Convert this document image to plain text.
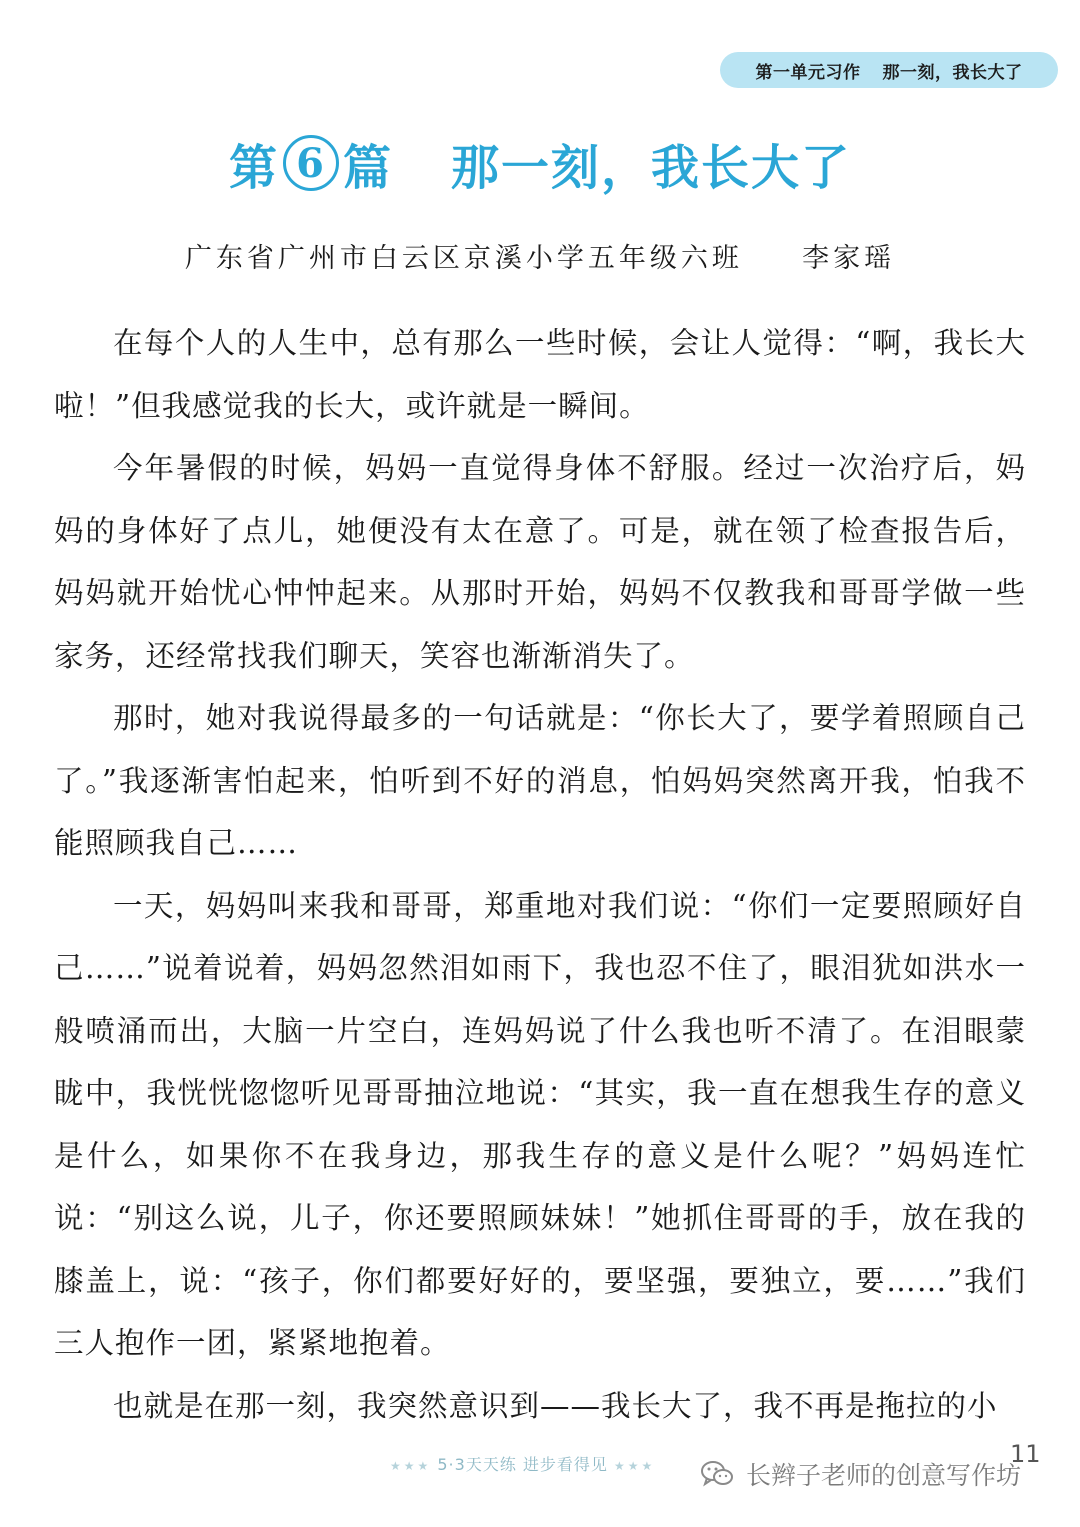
第一单元习作 那一刻，我长大了
第 6 篇 那一刻，我长大了
广东省广州市白云区京溪小学五年级六班 李家瑶

在每个人的人生中，总有那么一些时候，会让人觉得：“啊，我长大啦！”但我感觉我的长大，或许就是一瞬间。

今年暑假的时候，妈妈一直觉得身体不舒服。经过一次治疗后，妈妈的身体好了点儿，她便没有太在意了。可是，就在领了检查报告后，妈妈就开始忧心忡忡起来。从那时开始，妈妈不仅教我和哥哥学做一些家务，还经常找我们聊天，笑容也渐渐消失了。

那时，她对我说得最多的一句话就是：“你长大了，要学着照顾自己了。”我逐渐害怕起来，怕听到不好的消息，怕妈妈突然离开我，怕我不能照顾我自己……

一天，妈妈叫来我和哥哥，郑重地对我们说：“你们一定要照顾好自己……”说着说着，妈妈忽然泪如雨下，我也忍不住了，眼泪犹如洪水一般喷涌而出，大脑一片空白，连妈妈说了什么我也听不清了。在泪眼蒙眬中，我恍恍惚惚听见哥哥抽泣地说：“其实，我一直在想我生存的意义是什么，如果你不在我身边，那我生存的意义是什么呢？”妈妈连忙说：“别这么说，儿子，你还要照顾妹妹！”她抓住哥哥的手，放在我的膝盖上，说：“孩子，你们都要好好的，要坚强，要独立，要……”我们三人抱作一团，紧紧地抱着。

也就是在那一刻，我突然意识到——我长大了，我不再是拖拉的小

★★★ 5·3天天练 进步看得见 ★★★	11
长辫子老师的创意写作坊
